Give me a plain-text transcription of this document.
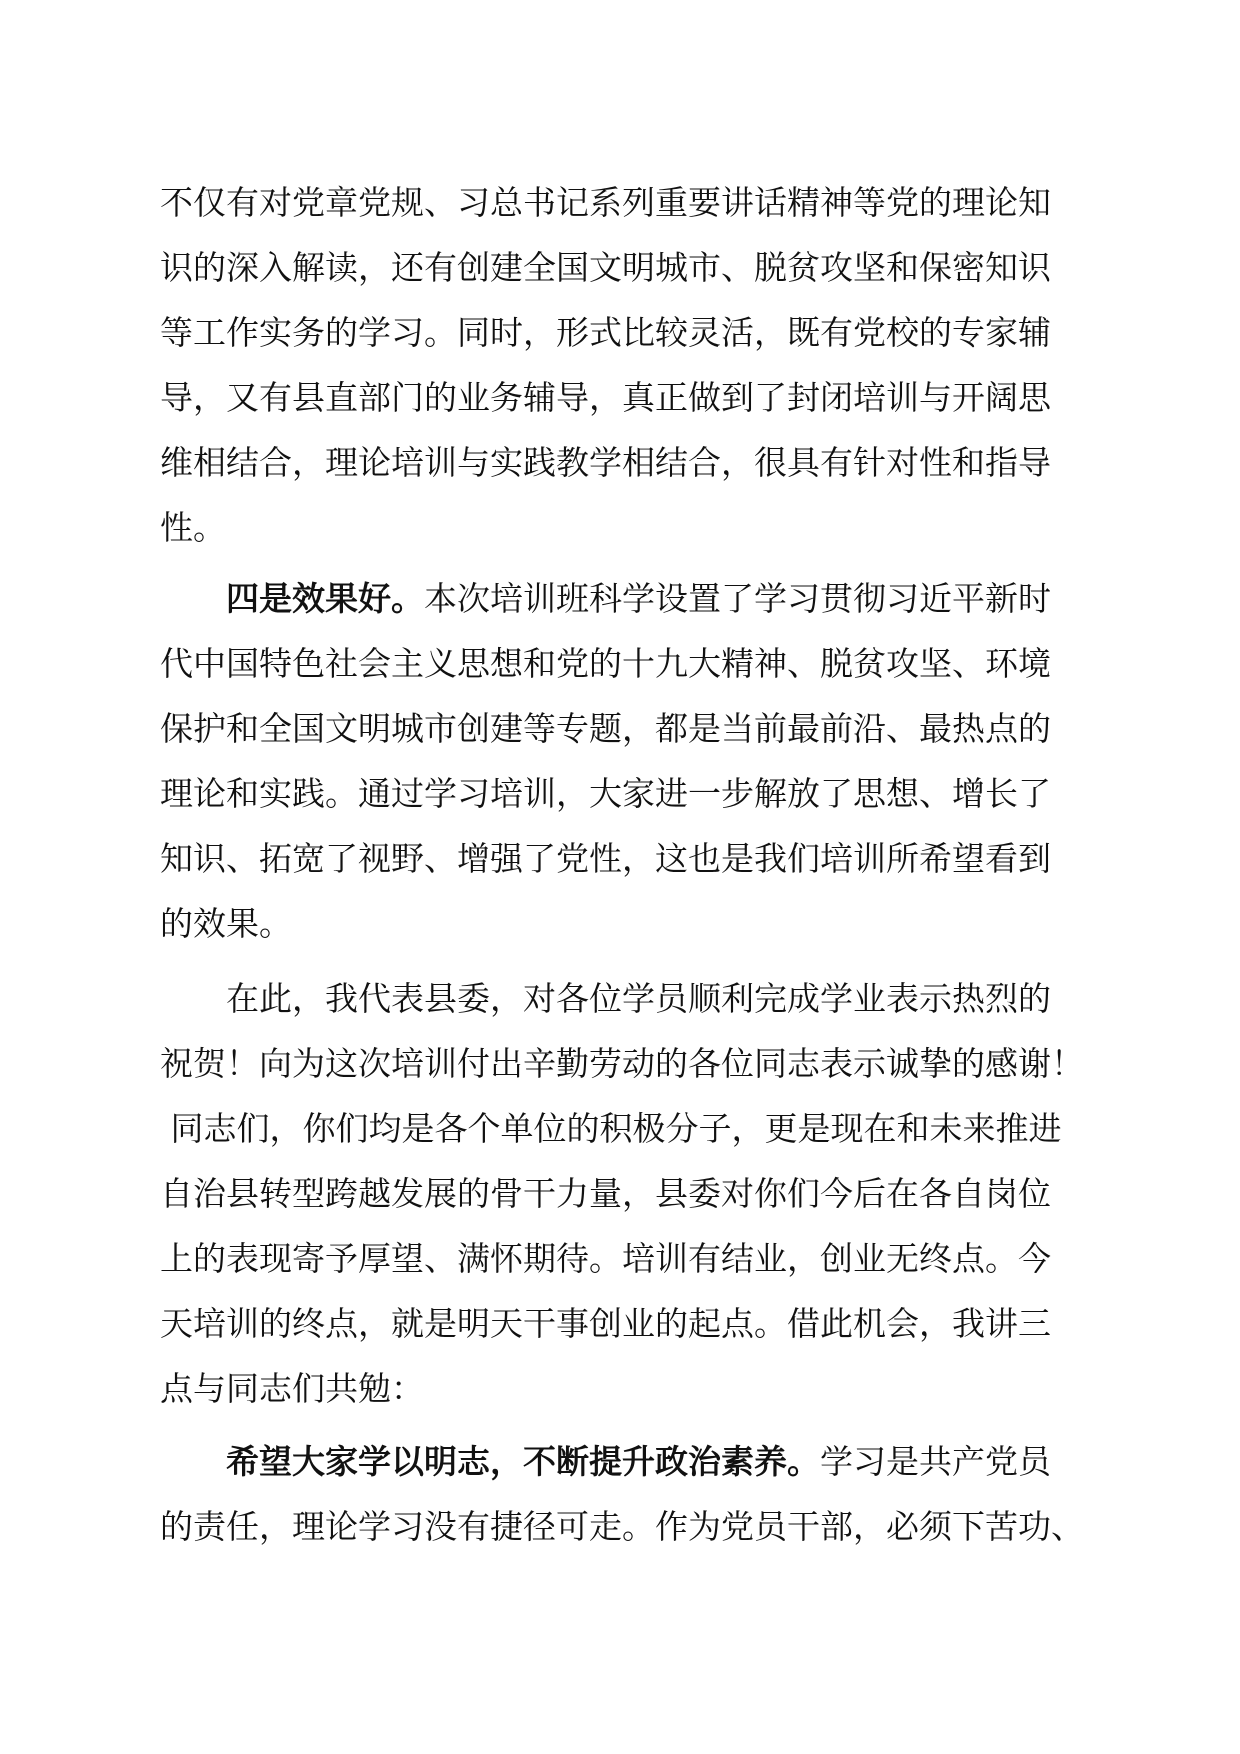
不仅有对党章党规、习总书记系列重要讲话精神等党的理论知
识的深入解读，还有创建全国文明城市、脱贫攻坚和保密知识
等工作实务的学习。同时，形式比较灵活，既有党校的专家辅
导，又有县直部门的业务辅导，真正做到了封闭培训与开阔思
维相结合，理论培训与实践教学相结合，很具有针对性和指导
性。
四是效果好。本次培训班科学设置了学习贯彻习近平新时
代中国特色社会主义思想和党的十九大精神、脱贫攻坚、环境
保护和全国文明城市创建等专题，都是当前最前沿、最热点的
理论和实践。通过学习培训，大家进一步解放了思想、增长了
知识、拓宽了视野、增强了党性，这也是我们培训所希望看到
的效果。
在此，我代表县委，对各位学员顺利完成学业表示热烈的
祝贺！向为这次培训付出辛勤劳动的各位同志表示诚挚的感谢！
同志们，你们均是各个单位的积极分子，更是现在和未来推进
自治县转型跨越发展的骨干力量，县委对你们今后在各自岗位
上的表现寄予厚望、满怀期待。培训有结业，创业无终点。今
天培训的终点，就是明天干事创业的起点。借此机会，我讲三
点与同志们共勉：
希望大家学以明志，不断提升政治素养。学习是共产党员
的责任，理论学习没有捷径可走。作为党员干部，必须下苦功、
